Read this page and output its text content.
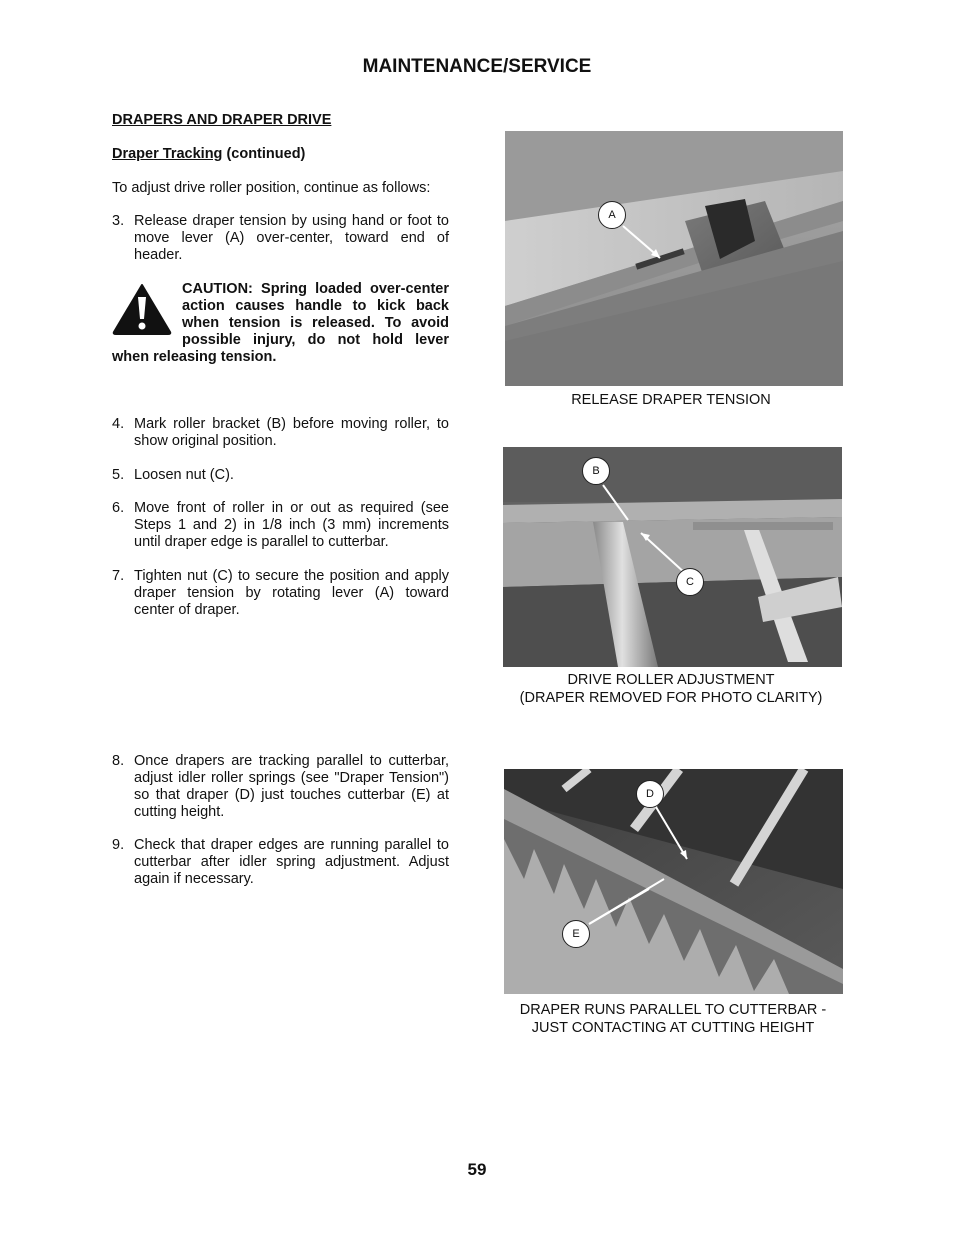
MAINTENANCE/SERVICE
DRAPERS AND DRAPER DRIVE
Draper Tracking (continued)
To adjust drive roller position, continue as follows:
3. Release draper tension by using hand or foot to move lever (A) over-center, toward end of header.
CAUTION: Spring loaded over-center action causes handle to kick back when tension is released. To avoid possible injury, do not hold lever when releasing tension.
4. Mark roller bracket (B) before moving roller, to show original position.
5. Loosen nut (C).
6. Move front of roller in or out as required (see Steps 1 and 2) in 1/8 inch (3 mm) increments until draper edge is parallel to cutterbar.
7. Tighten nut (C) to secure the position and apply draper tension by rotating lever (A) toward center of draper.
8. Once drapers are tracking parallel to cutterbar, adjust idler roller springs (see "Draper Tension") so that draper (D) just touches cutterbar (E) at cutting height.
9. Check that draper edges are running parallel to cutterbar after idler spring adjustment. Adjust again if necessary.
A
RELEASE DRAPER TENSION
B
C
DRIVE ROLLER ADJUSTMENT
(DRAPER REMOVED FOR PHOTO CLARITY)
D
E
DRAPER RUNS PARALLEL TO CUTTERBAR -
JUST CONTACTING AT CUTTING HEIGHT
59
